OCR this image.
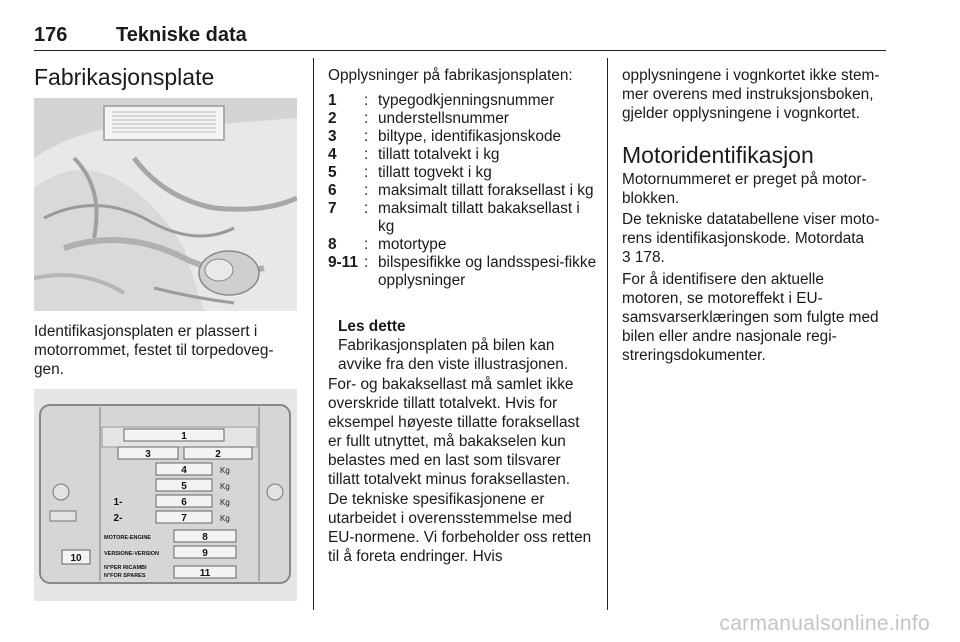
176 Tekniske data
Fabrikasjonsplate

Identifikasjonsplaten er plassert i motorrommet, festet til torpedoveg-gen.

1
3	2
4
5
6
7
8
9
11
10
1-
2-
Kg
Kg
Kg
Kg
MOTORE-ENGINE
VERSIONE-VERSION
N°PER RICAMBI
N°FOR SPARES

Opplysninger på fabrikasjonsplaten:

1	: typegodkjenningsnummer
2	: understellsnummer
3	: biltype, identifikasjonskode
4	: tillatt totalvekt i kg
5	: tillatt togvekt i kg
6	: maksimalt tillatt foraksellast i kg
7	: maksimalt tillatt bakaksellast i kg
8	: motortype
9-11 : bilspesifikke og landsspesi-fikke opplysninger

Les dette

Fabrikasjonsplaten på bilen kan avvike fra den viste illustrasjonen.

For- og bakaksellast må samlet ikke overskride tillatt totalvekt. Hvis for eksempel høyeste tillatte foraksellast er fullt utnyttet, må bakakselen kun belastes med en last som tilsvarer tillatt totalvekt minus foraksellasten.

De tekniske spesifikasjonene er utarbeidet i overensstemmelse med EU-normene. Vi forbeholder oss retten til å foreta endringer. Hvis

opplysningene i vognkortet ikke stem-mer overens med instruksjonsboken, gjelder opplysningene i vognkortet.

Motoridentifikasjon

Motornummeret er preget på motor-blokken.

De tekniske datatabellene viser moto-rens identifikasjonskode. Motordata

3 178.

For å identifisere den aktuelle motoren, se motoreffekt i EU-samsvarserklæringen som fulgte med bilen eller andre nasjonale regi-streringsdokumenter.

carmanualsonline.info
